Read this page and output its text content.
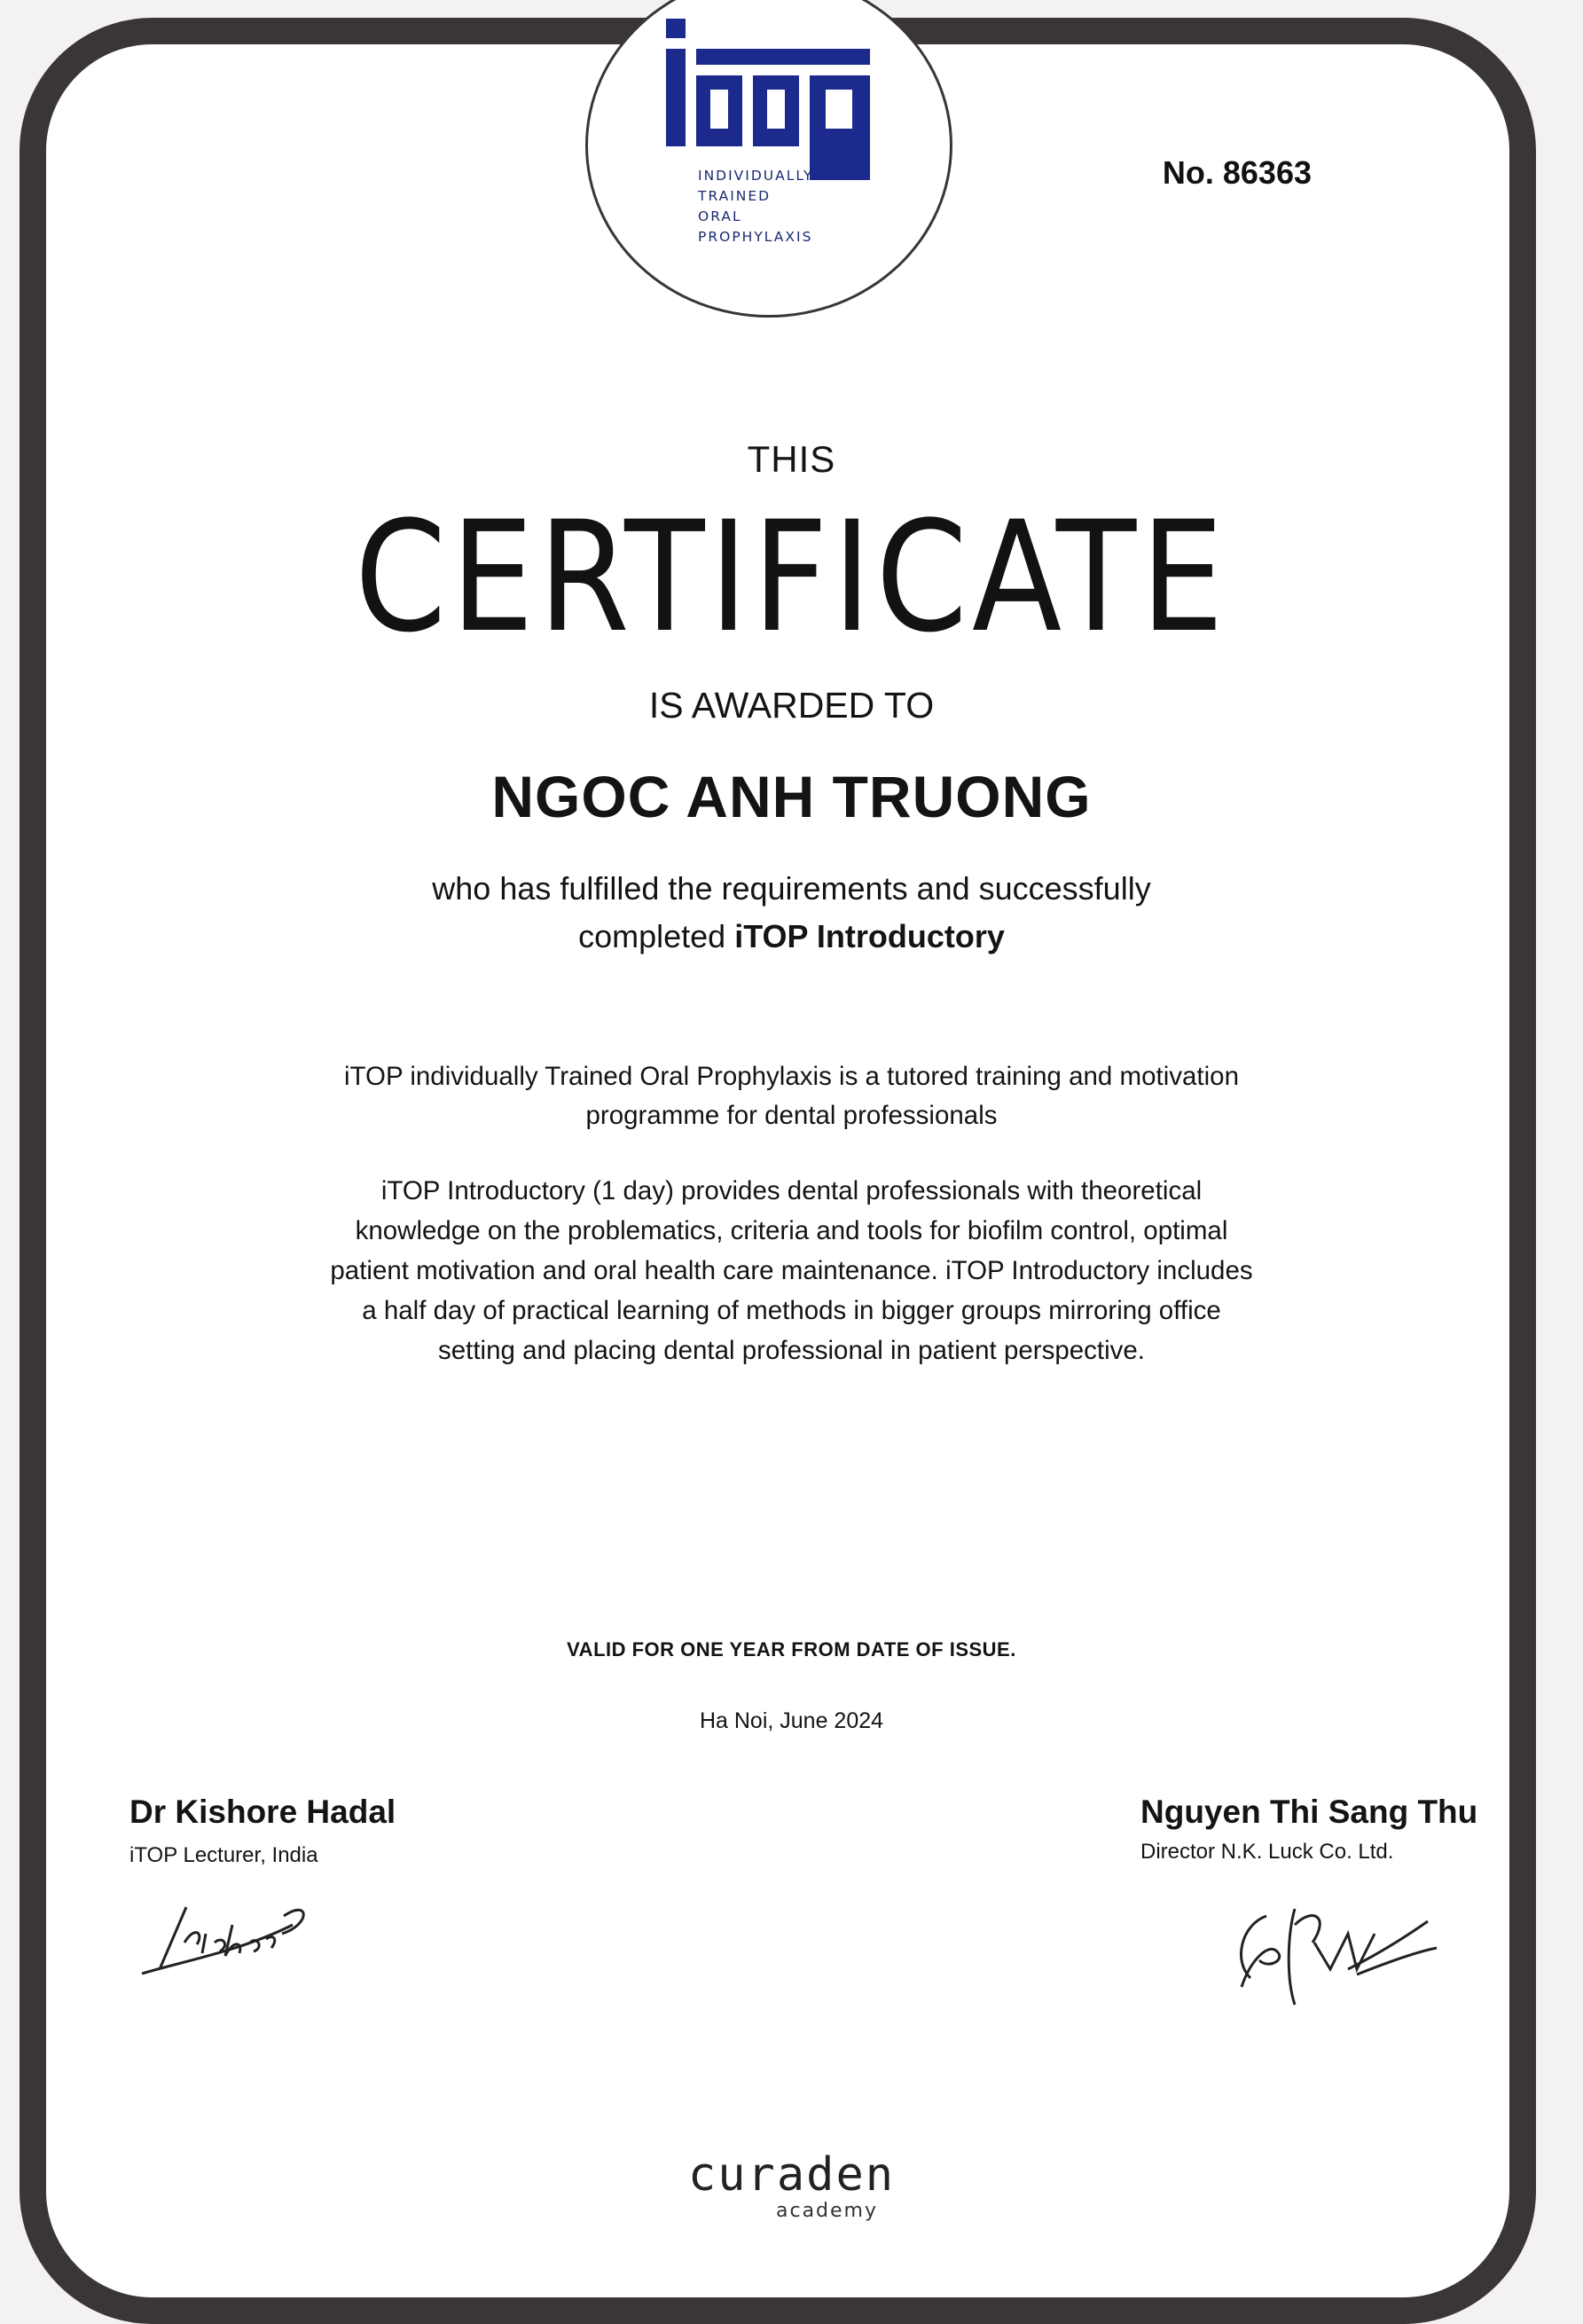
INDIVIDUALLY
TRAINED
ORAL
PROPHYLAXIS
No. 86363
THIS
CERTIFICATE
IS AWARDED TO
NGOC ANH TRUONG
who has fulfilled the requirements and successfully
completed iTOP Introductory
iTOP individually Trained Oral Prophylaxis is a tutored training and motivation
programme for dental professionals
iTOP Introductory (1 day) provides dental professionals with theoretical
knowledge on the problematics, criteria and tools for biofilm control, optimal
patient motivation and oral health care maintenance. iTOP Introductory includes
a half day of practical learning of methods in bigger groups mirroring office
setting and placing dental professional in patient perspective.
VALID FOR ONE YEAR FROM DATE OF ISSUE.
Ha Noi, June 2024
Dr Kishore Hadal
iTOP Lecturer, India
Nguyen Thi Sang Thu
Director N.K. Luck Co. Ltd.
curaden
academy
